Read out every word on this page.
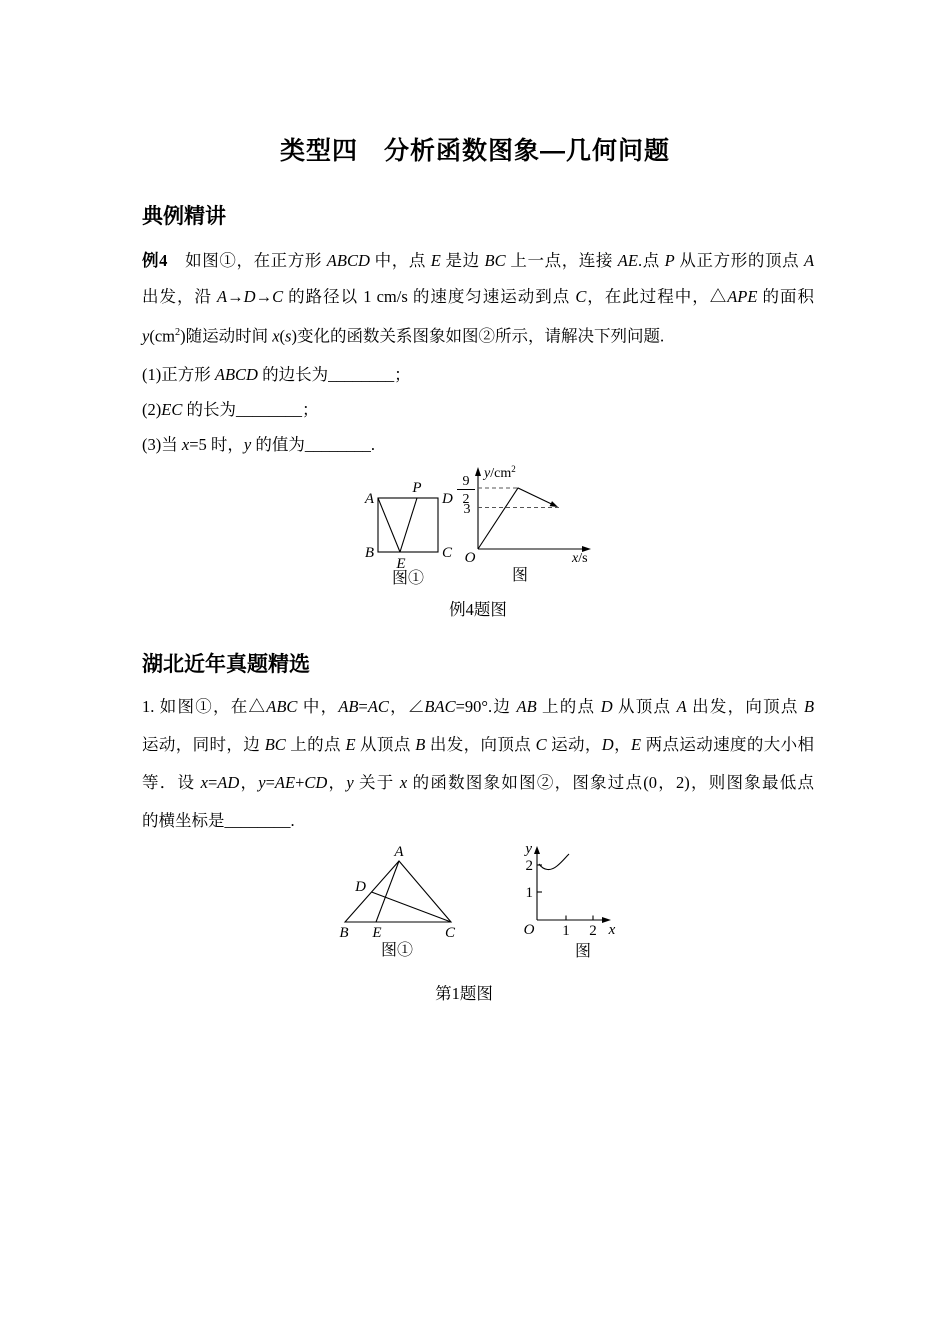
类型四　分析函数图象—几何问题
典例精讲
例4　如图①，在正方形 ABCD 中，点 E 是边 BC 上一点，连接 AE.点 P 从正方形的顶点 A
出发，沿 A→D→C 的路径以 1 cm/s 的速度匀速运动到点 C，在此过程中，△APE 的面积
$y(cm^2)$随运动时间 x(s)变化的函数关系图象如图②所示，请解决下列问题.
(1)正方形 ABCD 的边长为________；
(2)EC 的长为________；
(3)当 x=5 时，y 的值为________.
A
P
D
B	C
E
图①
$y/cm^2$
9
2
3
O	x/s
图
例4题图
湖北近年真题精选
1. 如图①，在△ABC 中，AB=AC，∠BAC=90°.边 AB 上的点 D 从顶点 A 出发，向顶点 B
运动，同时，边 BC 上的点 E 从顶点 B 出发，向顶点 C 运动，D，E 两点运动速度的大小相
等．设 x=AD，y=AE+CD，y 关于 x 的函数图象如图②，图象过点(0，2)，则图象最低点
的横坐标是________.
A
B	C
D
E
图①
2
1
1 2
y
x
O
图
第1题图
